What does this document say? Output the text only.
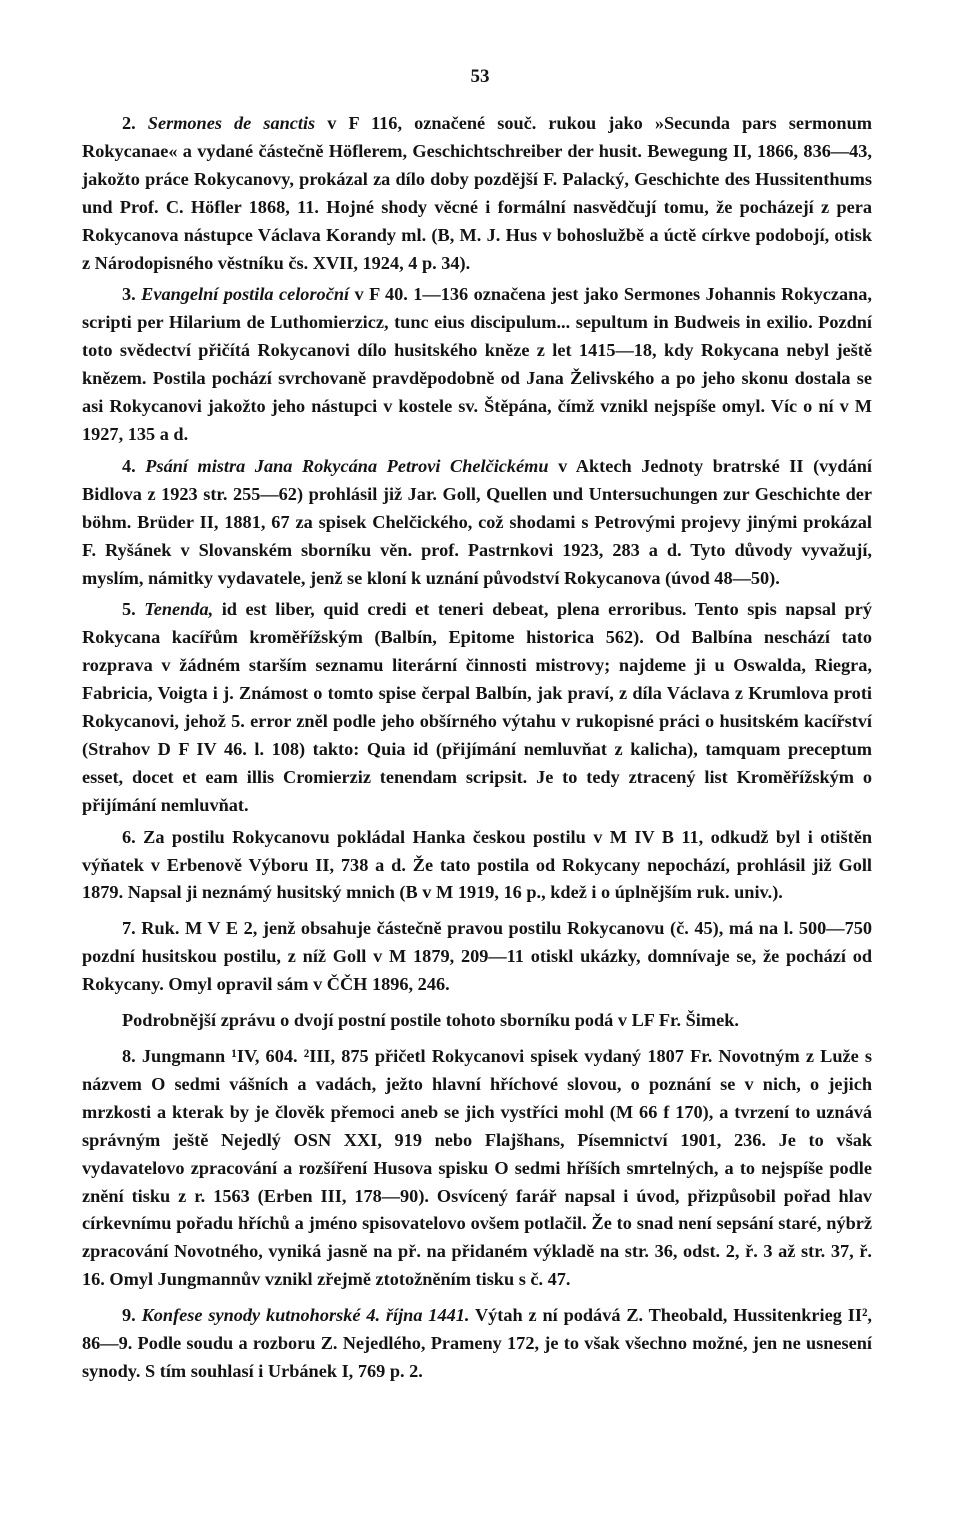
53

2. Sermones de sanctis v F 116, označené souč. rukou jako »Secunda pars sermonum Rokycanae« a vydané částečně Höflerem, Geschichtschreiber der husit. Bewegung II, 1866, 836—43, jakožto práce Rokycanovy, prokázal za dílo doby pozdější F. Palacký, Geschichte des Hussitenthums und Prof. C. Höfler 1868, 11. Hojné shody věcné i formální nasvědčují tomu, že pocházejí z pera Rokycanova nástupce Václava Korandy ml. (B, M. J. Hus v bohoslužbě a úctě církve podobojí, otisk z Národopisného věstníku čs. XVII, 1924, 4 p. 34).

3. Evangelní postila celoroční v F 40. 1—136 označena jest jako Sermones Johannis Rokyczana, scripti per Hilarium de Luthomierzicz, tunc eius discipulum... sepultum in Budweis in exilio. Pozdní toto svědectví přičítá Rokycanovi dílo husitského kněze z let 1415—18, kdy Rokycana nebyl ještě knězem. Postila pochází svrchovaně pravděpodobně od Jana Želivského a po jeho skonu dostala se asi Rokycanovi jakožto jeho nástupci v kostele sv. Štěpána, čímž vznikl nejspíše omyl. Víc o ní v M 1927, 135 a d.

4. Psání mistra Jana Rokycána Petrovi Chelčickému v Aktech Jednoty bratrské II (vydání Bidlova z 1923 str. 255—62) prohlásil již Jar. Goll, Quellen und Untersuchungen zur Geschichte der böhm. Brüder II, 1881, 67 za spisek Chelčického, což shodami s Petrovými projevy jinými prokázal F. Ryšánek v Slovanském sborníku věn. prof. Pastrnkovi 1923, 283 a d. Tyto důvody vyvažují, myslím, námitky vydavatele, jenž se kloní k uznání původství Rokycanova (úvod 48—50).

5. Tenenda, id est liber, quid credi et teneri debeat, plena erroribus. Tento spis napsal prý Rokycana kacířům kroměřížským (Balbín, Epitome historica 562). Od Balbína neschází tato rozprava v žádném starším seznamu literární činnosti mistrovy; najdeme ji u Oswalda, Riegra, Fabricia, Voigta i j. Známost o tomto spise čerpal Balbín, jak praví, z díla Václava z Krumlova proti Rokycanovi, jehož 5. error zněl podle jeho obšírného výtahu v rukopisné práci o husitském kacířství (Strahov D F IV 46. l. 108) takto: Quia id (přijímání nemluvňat z kalicha), tamquam preceptum esset, docet et eam illis Cromierziz tenendam scripsit. Je to tedy ztracený list Kroměřížským o přijímání nemluvňat.

6. Za postilu Rokycanovu pokládal Hanka českou postilu v M IV B 11, odkudž byl i otištěn výňatek v Erbenově Výboru II, 738 a d. Že tato postila od Rokycany nepochází, prohlásil již Goll 1879. Napsal ji neznámý husitský mnich (B v M 1919, 16 p., kdež i o úplnějším ruk. univ.).

7. Ruk. M V E 2, jenž obsahuje částečně pravou postilu Rokycanovu (č. 45), má na l. 500—750 pozdní husitskou postilu, z níž Goll v M 1879, 209—11 otiskl ukázky, domnívaje se, že pochází od Rokycany. Omyl opravil sám v ČČH 1896, 246.

Podrobnější zprávu o dvojí postní postile tohoto sborníku podá v LF Fr. Šimek.

8. Jungmann ¹IV, 604. ²III, 875 přičetl Rokycanovi spisek vydaný 1807 Fr. Novotným z Luže s názvem O sedmi vášních a vadách, ježto hlavní hříchové slovou, o poznání se v nich, o jejich mrzkosti a kterak by je člověk přemoci aneb se jich vystříci mohl (M 66 f 170), a tvrzení to uznává správným ještě Nejedlý OSN XXI, 919 nebo Flajšhans, Písemnictví 1901, 236. Je to však vydavatelovo zpracování a rozšíření Husova spisku O sedmi hříších smrtelných, a to nejspíše podle znění tisku z r. 1563 (Erben III, 178—90). Osvícený farář napsal i úvod, přizpůsobil pořad hlav církevnímu pořadu hříchů a jméno spisovatelovo ovšem potlačil. Že to snad není sepsání staré, nýbrž zpracování Novotného, vyniká jasně na př. na přidaném výkladě na str. 36, odst. 2, ř. 3 až str. 37, ř. 16. Omyl Jungmannův vznikl zřejmě ztotožněním tisku s č. 47.

9. Konfese synody kutnohorské 4. října 1441. Výtah z ní podává Z. Theobald, Hussitenkrieg II², 86—9. Podle soudu a rozboru Z. Nejedlého, Prameny 172, je to však všechno možné, jen ne usnesení synody. S tím souhlasí i Urbánek I, 769 p. 2.
